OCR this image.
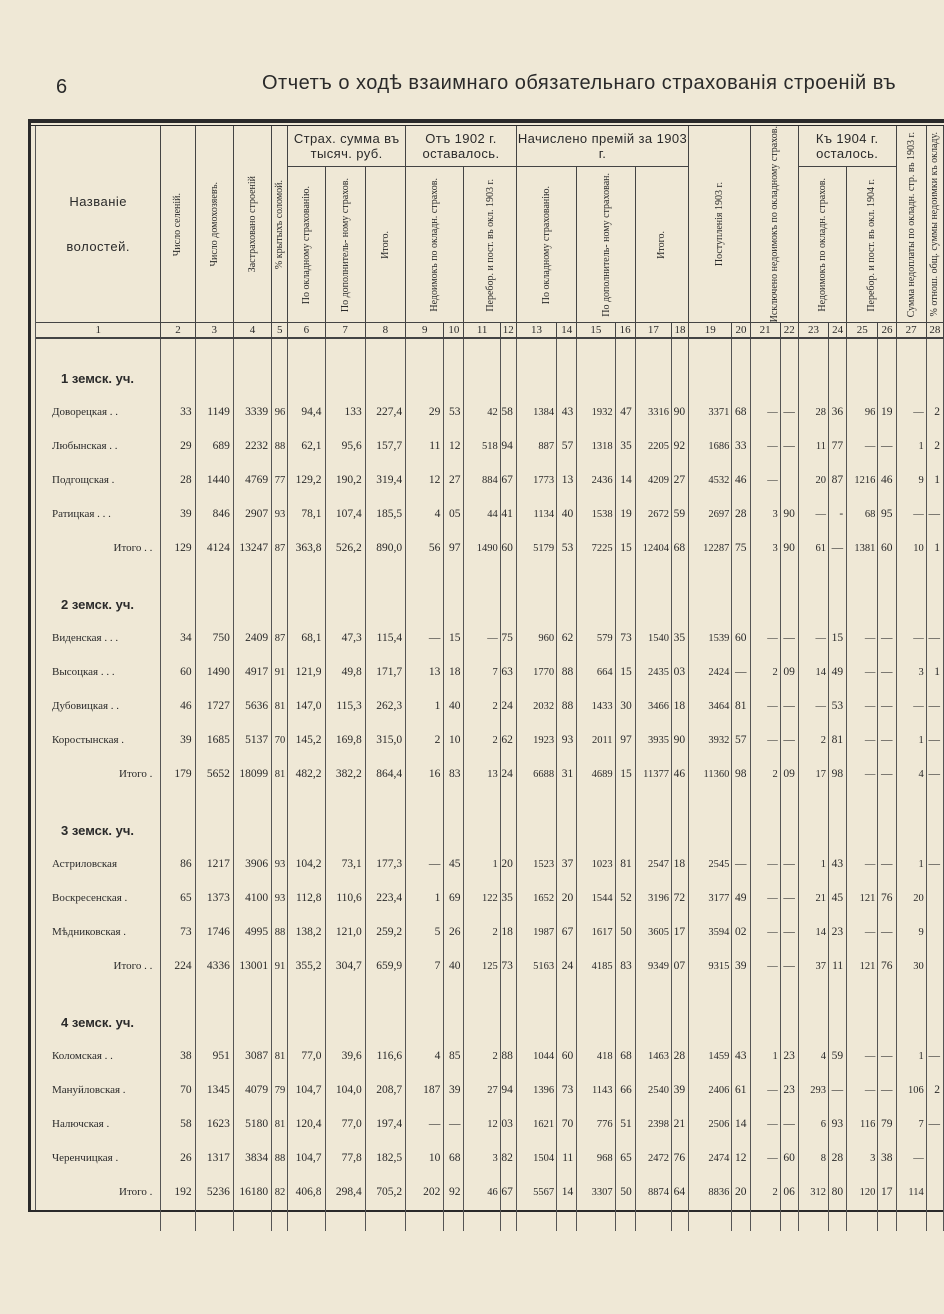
6	Отчетъ о ходѣ взаимнаго обязательнаго страхованія строеній въ
Названіе
волостей.	Число селеній.	Число домохозяевъ.	Застраховано строеній	% крытыхъ соломой.	Страх. сумма въ тысяч. руб.			Отъ 1902 г. оставалось.				Начислено премій за 1903 г.						Поступленія 1903 г.		Исключено недоимокъ по окладному страхов.		Къ 1904 г. осталось.				Сумма недоплаты по окладн. стр. въ 1903 г.	% отнош. общ. суммы недоимки къ окладу.

					По окладному страхованію.	По дополнитель- ному страхов.	Итого.	Недоимокъ по окладн. страхов.		Перебор. и пост. въ окл. 1903 г.		По окладному страхованію.		По дополнитель- ному страхован.		Итого.						Недоимокъ по окладн. страхов.		Перебор. и пост. въ окл. 1904 г.			

1	2	3	4	5	6	7	8	9	10	11	12	13	14	15	16	17	18	19	20	21	22	23	24	25	26	27	28

1 земск. уч.																											
Доворецкая . .	33	1149	3339	96	94,4	133	227,4	29	53	42	58	1384	43	1932	47	3316	90	3371	68	—	—	28	36	96	19	—	2
Любынская . .	29	689	2232	88	62,1	95,6	157,7	11	12	518	94	887	57	1318	35	2205	92	1686	33	—	—	11	77	—	—	1	2
Подгощская .	28	1440	4769	77	129,2	190,2	319,4	12	27	884	67	1773	13	2436	14	4209	27	4532	46	—		20	87	1216	46	9	1
Ратицкая . . .	39	846	2907	93	78,1	107,4	185,5	4	05	44	41	1134	40	1538	19	2672	59	2697	28	3	90	—	-	68	95	—	—
Итого . .	129	4124	13247	87	363,8	526,2	890,0	56	97	1490	60	5179	53	7225	15	12404	68	12287	75	3	90	61	—	1381	60	10	1

2 земск. уч.																											
Виденская . . .	34	750	2409	87	68,1	47,3	115,4	—	15	—	75	960	62	579	73	1540	35	1539	60	—	—	—	15	—	—	—	—
Высоцкая . . .	60	1490	4917	91	121,9	49,8	171,7	13	18	7	63	1770	88	664	15	2435	03	2424	—	2	09	14	49	—	—	3	1
Дубовицкая . .	46	1727	5636	81	147,0	115,3	262,3	1	40	2	24	2032	88	1433	30	3466	18	3464	81	—	—	—	53	—	—	—	—
Коростынская .	39	1685	5137	70	145,2	169,8	315,0	2	10	2	62	1923	93	2011	97	3935	90	3932	57	—	—	2	81	—	—	1	—
Итого .	179	5652	18099	81	482,2	382,2	864,4	16	83	13	24	6688	31	4689	15	11377	46	11360	98	2	09	17	98	—	—	4	—

3 земск. уч.																											
Астриловская	86	1217	3906	93	104,2	73,1	177,3	—	45	1	20	1523	37	1023	81	2547	18	2545	—	—	—	1	43	—	—	1	—
Воскресенская .	65	1373	4100	93	112,8	110,6	223,4	1	69	122	35	1652	20	1544	52	3196	72	3177	49	—	—	21	45	121	76	20	
Мѣдниковская .	73	1746	4995	88	138,2	121,0	259,2	5	26	2	18	1987	67	1617	50	3605	17	3594	02	—	—	14	23	—	—	9	
Итого . .	224	4336	13001	91	355,2	304,7	659,9	7	40	125	73	5163	24	4185	83	9349	07	9315	39	—	—	37	11	121	76	30	

4 земск. уч.																											
Коломская . .	38	951	3087	81	77,0	39,6	116,6	4	85	2	88	1044	60	418	68	1463	28	1459	43	1	23	4	59	—	—	1	—
Мануйловская .	70	1345	4079	79	104,7	104,0	208,7	187	39	27	94	1396	73	1143	66	2540	39	2406	61	—	23	293	—	—	—	106	2
Налючская .	58	1623	5180	81	120,4	77,0	197,4	—	—	12	03	1621	70	776	51	2398	21	2506	14	—	—	6	93	116	79	7	—
Черенчицкая .	26	1317	3834	88	104,7	77,8	182,5	10	68	3	82	1504	11	968	65	2472	76	2474	12	—	60	8	28	3	38	—	
Итого .	192	5236	16180	82	406,8	298,4	705,2	202	92	46	67	5567	14	3307	50	8874	64	8836	20	2	06	312	80	120	17	114	
